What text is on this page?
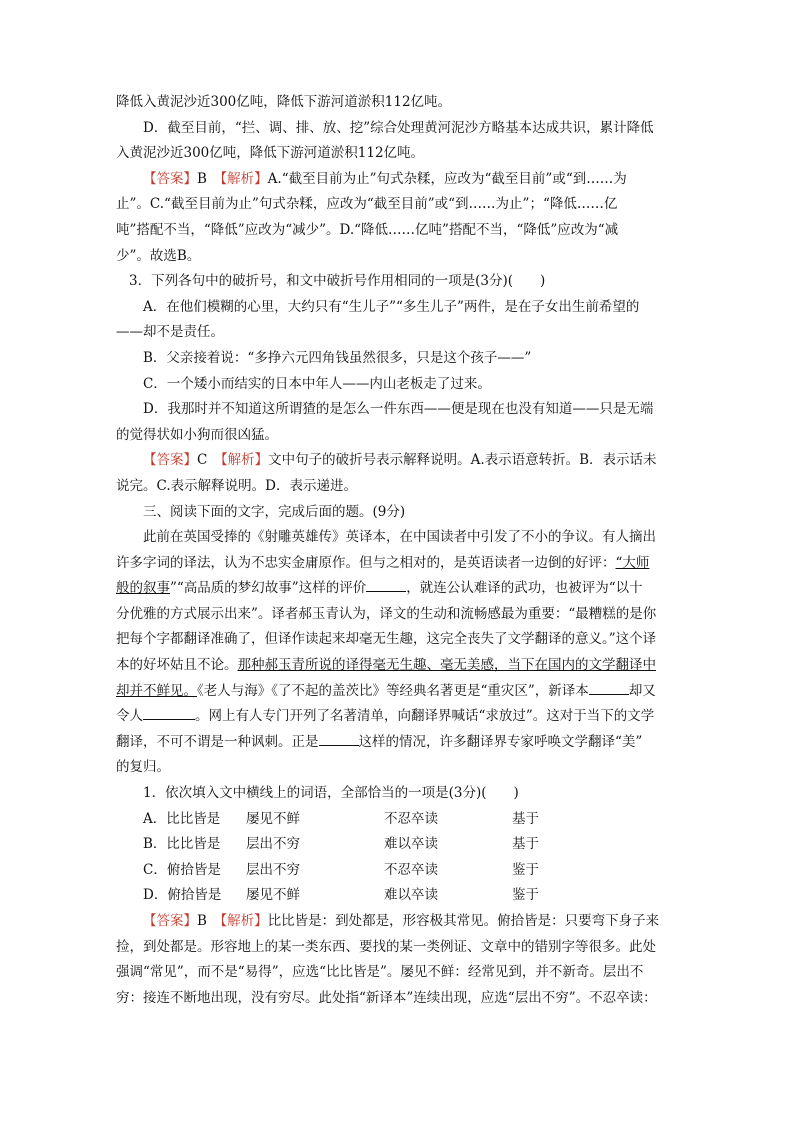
降低入黄泥沙近300亿吨，降低下游河道淤积112亿吨。

D．截至目前，“拦、调、排、放、挖”综合处理黄河泥沙方略基本达成共识，累计降低

入黄泥沙近300亿吨，降低下游河道淤积112亿吨。

【答案】B　 【解析】A.“截至目前为止”句式杂糅，应改为“截至目前”或“到……为

止”。C.“截至目前为止”句式杂糅，应改为“截至目前”或“到……为止”；“降低……亿

吨”搭配不当，“降低”应改为“减少”。D.“降低……亿吨”搭配不当，“降低”应改为“减

少”。故选B。

3．下列各句中的破折号，和文中破折号作用相同的一项是(3分)(　　)

A．在他们模糊的心里，大约只有“生儿子”“多生儿子”两件，是在子女出生前希望的

——却不是责任。

B．父亲接着说：“多挣六元四角钱虽然很多，只是这个孩子——”

C．一个矮小而结实的日本中年人——内山老板走了过来。

D．我那时并不知道这所谓猹的是怎么一件东西——便是现在也没有知道——只是无端

的觉得状如小狗而很凶猛。

【答案】C　 【解析】文中句子的破折号表示解释说明。A.表示语意转折。B．表示话未

说完。C.表示解释说明。D．表示递进。

三、阅读下面的文字，完成后面的题。(9分)

此前在英国受捧的《射雕英雄传》英译本，在中国读者中引发了不小的争议。有人摘出

许多字词的译法，认为不忠实金庸原作。但与之相对的，是英语读者一边倒的好评：“大师

般的叙事”“高品质的梦幻故事”这样的评价	，就连公认难译的武功，也被评为“以十

分优雅的方式展示出来”。译者郝玉青认为，译文的生动和流畅感最为重要：“最糟糕的是你

把每个字都翻译准确了，但译作读起来却毫无生趣，这完全丧失了文学翻译的意义。”这个译

本的好坏姑且不论。那种郝玉青所说的译得毫无生趣、毫无美感，当下在国内的文学翻译中

却并不鲜见。《老人与海》《了不起的盖茨比》等经典名著更是“重灾区”，新译本	却又

令人	。网上有人专门开列了名著清单，向翻译界喊话“求放过”。这对于当下的文学

翻译，不可不谓是一种讽刺。正是	这样的情况，许多翻译界专家呼唤文学翻译“美”

的复归。

1．依次填入文中横线上的词语，全部恰当的一项是(3分)(　　)

A．比比皆是	屡见不鲜	不忍卒读	基于
B．比比皆是	层出不穷	难以卒读	基于
C．俯拾皆是	层出不穷	不忍卒读	鉴于
D．俯拾皆是	屡见不鲜	难以卒读	鉴于

【答案】B　 【解析】比比皆是：到处都是，形容极其常见。俯拾皆是：只要弯下身子来

捡，到处都是。形容地上的某一类东西、要找的某一类例证、文章中的错别字等很多。此处

强调“常见”，而不是“易得”，应选“比比皆是”。屡见不鲜：经常见到，并不新奇。层出不

穷：接连不断地出现，没有穷尽。此处指“新译本”连续出现，应选“层出不穷”。不忍卒读：
